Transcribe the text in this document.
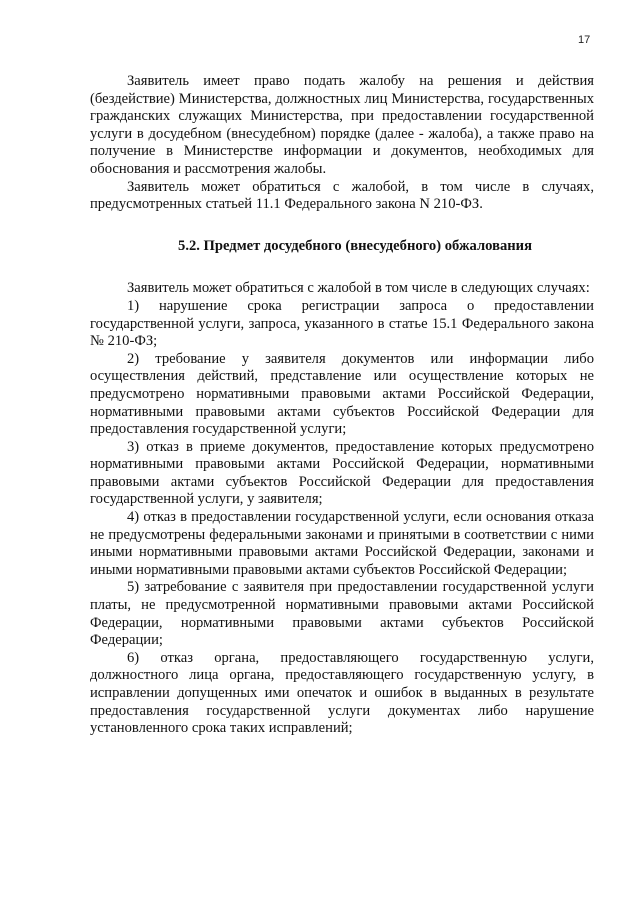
17

Заявитель имеет право подать жалобу на решения и действия (бездействие) Министерства, должностных лиц Министерства, государственных гражданских служащих Министерства, при предоставлении государственной услуги в досудебном (внесудебном) порядке (далее - жалоба), а также право на получение в Министерстве информации и документов, необходимых для обоснования и рассмотрения жалобы.

Заявитель может обратиться с жалобой, в том числе в случаях, предусмотренных статьей 11.1 Федерального закона N 210-ФЗ.

5.2. Предмет досудебного (внесудебного) обжалования

Заявитель может обратиться с жалобой в том числе в следующих случаях:

1) нарушение срока регистрации запроса о предоставлении государственной услуги, запроса, указанного в статье 15.1 Федерального закона № 210-ФЗ;

2) требование у заявителя документов или информации либо осуществления действий, представление или осуществление которых не предусмотрено нормативными правовыми актами Российской Федерации, нормативными правовыми актами субъектов Российской Федерации для предоставления государственной услуги;

3) отказ в приеме документов, предоставление которых предусмотрено нормативными правовыми актами Российской Федерации, нормативными правовыми актами субъектов Российской Федерации для предоставления государственной услуги, у заявителя;

4) отказ в предоставлении государственной услуги, если основания отказа не предусмотрены федеральными законами и принятыми в соответствии с ними иными нормативными правовыми актами Российской Федерации, законами и иными нормативными правовыми актами субъектов Российской Федерации;

5) затребование с заявителя при предоставлении государственной услуги платы, не предусмотренной нормативными правовыми актами Российской Федерации, нормативными правовыми актами субъектов Российской Федерации;

6) отказ органа, предоставляющего государственную услуги, должностного лица органа, предоставляющего государственную услугу, в исправлении допущенных ими опечаток и ошибок в выданных в результате предоставления государственной услуги документах либо нарушение установленного срока таких исправлений;
